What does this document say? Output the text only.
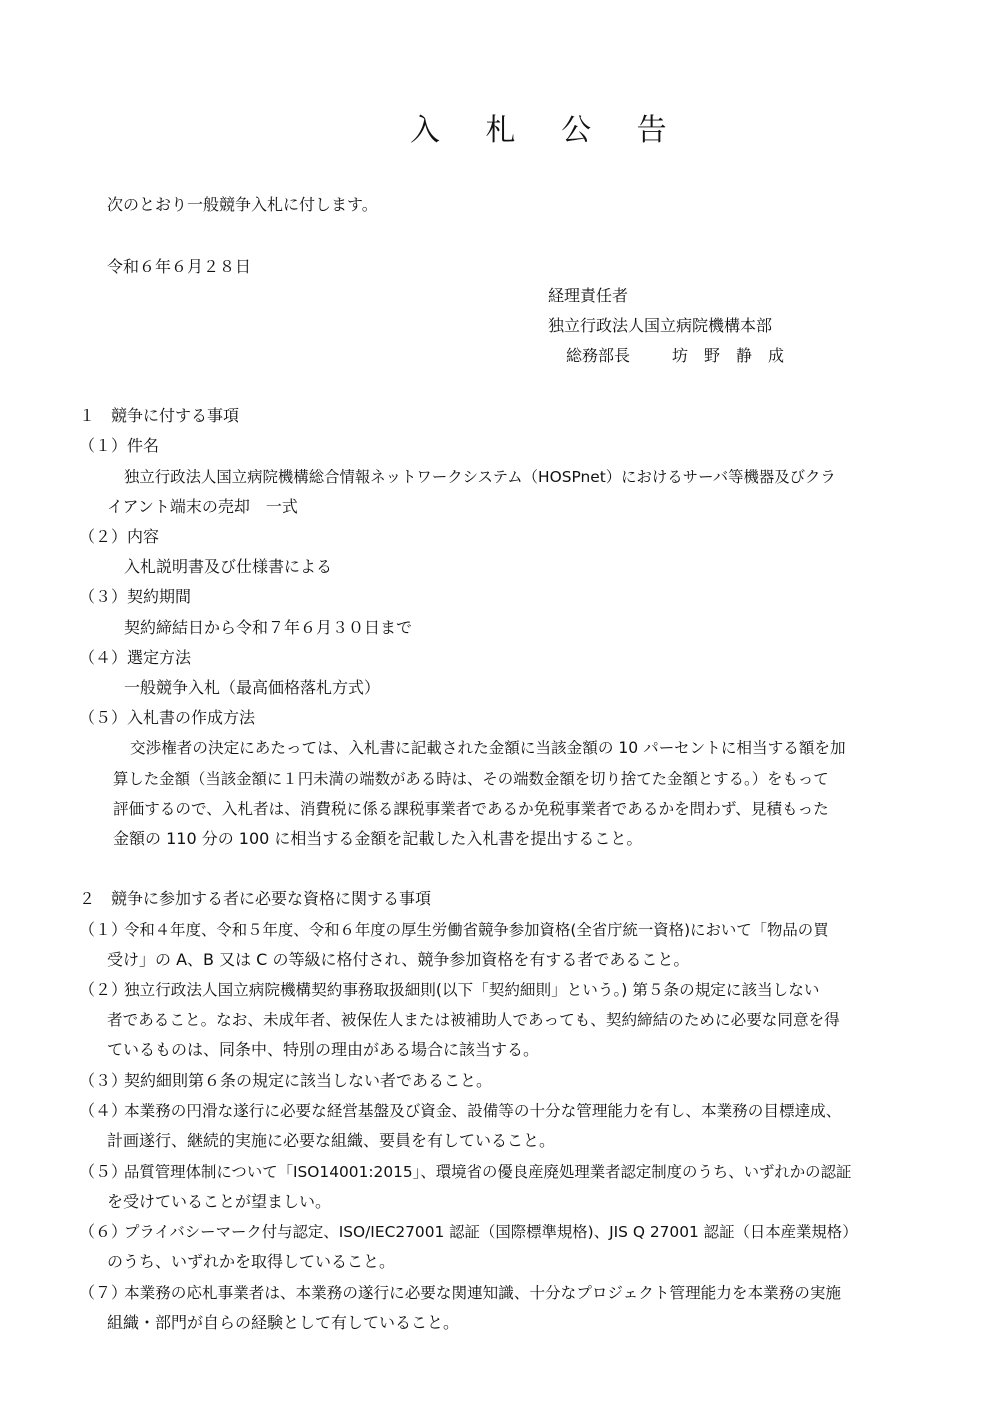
入 札 公 告
次のとおり一般競争入札に付します。
令和６年６月２８日
経理責任者
独立行政法人国立病院機構本部
総務部長	坊　野　静　成
１　競争に付する事項
（１）件名
独立行政法人国立病院機構総合情報ネットワークシステム（HOSPnet）におけるサーバ等機器及びクラ
イアント端末の売却　一式
（２）内容
入札説明書及び仕様書による
（３）契約期間
契約締結日から令和７年６月３０日まで
（４）選定方法
一般競争入札（最高価格落札方式）
（５）入札書の作成方法
交渉権者の決定にあたっては、入札書に記載された金額に当該金額の 10 パーセントに相当する額を加
算した金額（当該金額に１円未満の端数がある時は、その端数金額を切り捨てた金額とする。）をもって
評価するので、入札者は、消費税に係る課税事業者であるか免税事業者であるかを問わず、見積もった
金額の 110 分の 100 に相当する金額を記載した入札書を提出すること。
２　競争に参加する者に必要な資格に関する事項
（１）
令和４年度、令和５年度、令和６年度の厚生労働省競争参加資格(全省庁統一資格)において「物品の買
受け」の A、B 又は C の等級に格付され、競争参加資格を有する者であること。
（２）
独立行政法人国立病院機構契約事務取扱細則(以下「契約細則」という。) 第５条の規定に該当しない
者であること。なお、未成年者、被保佐人または被補助人であっても、契約締結のために必要な同意を得
ているものは、同条中、特別の理由がある場合に該当する。
（３）
契約細則第６条の規定に該当しない者であること。
（４）
本業務の円滑な遂行に必要な経営基盤及び資金、設備等の十分な管理能力を有し、本業務の目標達成、
計画遂行、継続的実施に必要な組織、要員を有していること。
（５）
品質管理体制について「ISO14001:2015」、環境省の優良産廃処理業者認定制度のうち、いずれかの認証
を受けていることが望ましい。
（６）
プライバシーマーク付与認定、ISO/IEC27001 認証（国際標準規格)、JIS Q 27001 認証（日本産業規格）
のうち、いずれかを取得していること。
（７）
本業務の応札事業者は、本業務の遂行に必要な関連知識、十分なプロジェクト管理能力を本業務の実施
組織・部門が自らの経験として有していること。
